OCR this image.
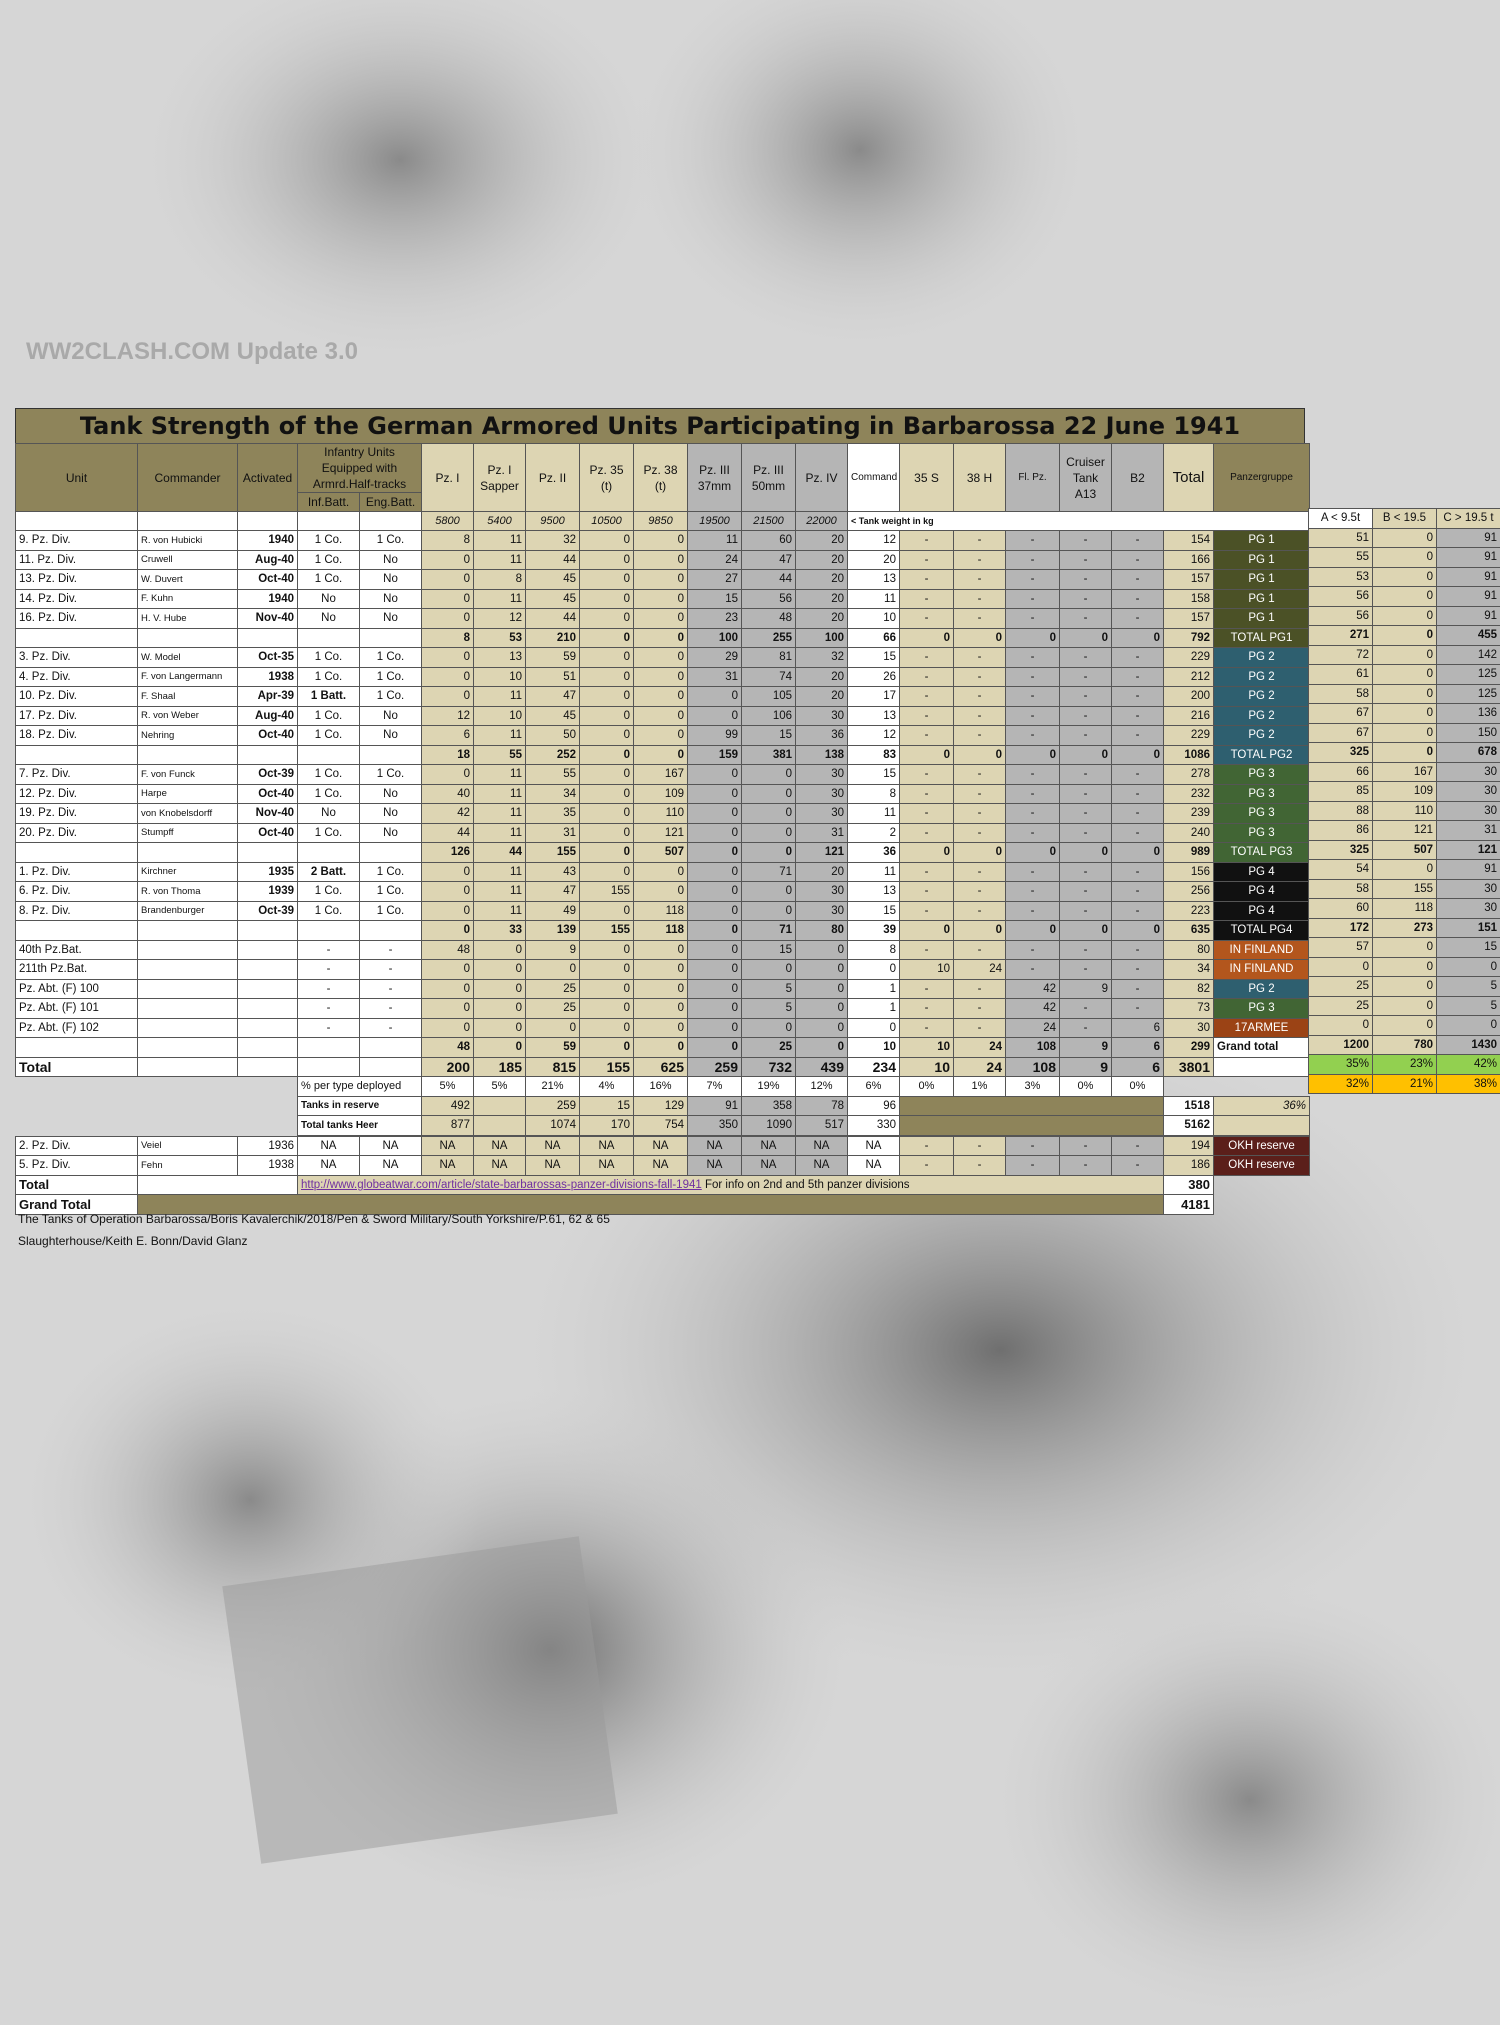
WW2CLASH.COM Update 3.0
Tank Strength of the German Armored Units Participating in Barbarossa 22 June 1941
Unit	Commander	Activated	Infantry Units Equipped with Armrd.Half-tracks		Pz. I	Pz. I Sapper	Pz. II	Pz. 35 (t)	Pz. 38 (t)	Pz. III 37mm	Pz. III 50mm	Pz. IV	Command	35 S	38 H	Fl. Pz.	Cruiser Tank A13	B2	Total	Panzergruppe
			Inf.Batt.	Eng.Batt.																
					5800	5400	9500	10500	9850	19500	21500	22000	< Tank weight in kg							
9. Pz. Div.	R. von Hubicki	1940	1 Co.	1 Co.	8	11	32	0	0	11	60	20	12	-	-	-	-	-	154	PG 1
11. Pz. Div.	Cruwell	Aug-40	1 Co.	No	0	11	44	0	0	24	47	20	20	-	-	-	-	-	166	PG 1
13. Pz. Div.	W. Duvert	Oct-40	1 Co.	No	0	8	45	0	0	27	44	20	13	-	-	-	-	-	157	PG 1
14. Pz. Div.	F. Kuhn	1940	No	No	0	11	45	0	0	15	56	20	11	-	-	-	-	-	158	PG 1
16. Pz. Div.	H. V. Hube	Nov-40	No	No	0	12	44	0	0	23	48	20	10	-	-	-	-	-	157	PG 1
					8	53	210	0	0	100	255	100	66	0	0	0	0	0	792	TOTAL PG1
3. Pz. Div.	W. Model	Oct-35	1 Co.	1 Co.	0	13	59	0	0	29	81	32	15	-	-	-	-	-	229	PG 2
4. Pz. Div.	F. von Langermann	1938	1 Co.	1 Co.	0	10	51	0	0	31	74	20	26	-	-	-	-	-	212	PG 2
10. Pz. Div.	F. Shaal	Apr-39	1 Batt.	1 Co.	0	11	47	0	0	0	105	20	17	-	-	-	-	-	200	PG 2
17. Pz. Div.	R. von Weber	Aug-40	1 Co.	No	12	10	45	0	0	0	106	30	13	-	-	-	-	-	216	PG 2
18. Pz. Div.	Nehring	Oct-40	1 Co.	No	6	11	50	0	0	99	15	36	12	-	-	-	-	-	229	PG 2
					18	55	252	0	0	159	381	138	83	0	0	0	0	0	1086	TOTAL PG2
7. Pz. Div.	F. von Funck	Oct-39	1 Co.	1 Co.	0	11	55	0	167	0	0	30	15	-	-	-	-	-	278	PG 3
12. Pz. Div.	Harpe	Oct-40	1 Co.	No	40	11	34	0	109	0	0	30	8	-	-	-	-	-	232	PG 3
19. Pz. Div.	von Knobelsdorff	Nov-40	No	No	42	11	35	0	110	0	0	30	11	-	-	-	-	-	239	PG 3
20. Pz. Div.	Stumpff	Oct-40	1 Co.	No	44	11	31	0	121	0	0	31	2	-	-	-	-	-	240	PG 3
					126	44	155	0	507	0	0	121	36	0	0	0	0	0	989	TOTAL PG3
1. Pz. Div.	Kirchner	1935	2 Batt.	1 Co.	0	11	43	0	0	0	71	20	11	-	-	-	-	-	156	PG 4
6. Pz. Div.	R. von Thoma	1939	1 Co.	1 Co.	0	11	47	155	0	0	0	30	13	-	-	-	-	-	256	PG 4
8. Pz. Div.	Brandenburger	Oct-39	1 Co.	1 Co.	0	11	49	0	118	0	0	30	15	-	-	-	-	-	223	PG 4
					0	33	139	155	118	0	71	80	39	0	0	0	0	0	635	TOTAL PG4
40th Pz.Bat.			-	-	48	0	9	0	0	0	15	0	8	-	-	-	-	-	80	IN FINLAND
211th Pz.Bat.			-	-	0	0	0	0	0	0	0	0	0	10	24	-	-	-	34	IN FINLAND
Pz. Abt. (F) 100			-	-	0	0	25	0	0	0	5	0	1	-	-	42	9	-	82	PG 2
Pz. Abt. (F) 101			-	-	0	0	25	0	0	0	5	0	1	-	-	42	-	-	73	PG 3
Pz. Abt. (F) 102			-	-	0	0	0	0	0	0	0	0	0	-	-	24	-	6	30	17ARMEE
					48	0	59	0	0	0	25	0	10	10	24	108	9	6	299	Grand total
Total					200	185	815	155	625	259	732	439	234	10	24	108	9	6	3801	
			% per type deployed		5%	5%	21%	4%	16%	7%	19%	12%	6%	0%	1%	3%	0%	0%		
			Tanks in reserve		492		259	15	129	91	358	78	96						1518	36%
			Total tanks Heer		877		1074	170	754	350	1090	517	330						5162	
2. Pz. Div.	Veiel	1936	NA	NA	NA	NA	NA	NA	NA	NA	NA	NA	NA	-	-	-	-	-	194	OKH reserve
5. Pz. Div.	Fehn	1938	NA	NA	NA	NA	NA	NA	NA	NA	NA	NA	NA	-	-	-	-	-	186	OKH reserve
Total			http://www.globeatwar.com/article/state-barbarossas-panzer-divisions-fall-1941 For info on 2nd and 5th panzer divisions																380	
Grand Total																			4181	
A < 9.5t	B < 19.5	C > 19.5 t
51	0	91
55	0	91
53	0	91
56	0	91
56	0	91
271	0	455
72	0	142
61	0	125
58	0	125
67	0	136
67	0	150
325	0	678
66	167	30
85	109	30
88	110	30
86	121	31
325	507	121
54	0	91
58	155	30
60	118	30
172	273	151
57	0	15
0	0	0
25	0	5
25	0	5
0	0	0
1200	780	1430
35%	23%	42%
32%	21%	38%
The Tanks of Operation Barbarossa/Boris Kavalerchik/2018/Pen & Sword Military/South Yorkshire/P.61, 62 & 65
Slaughterhouse/Keith E. Bonn/David Glanz
